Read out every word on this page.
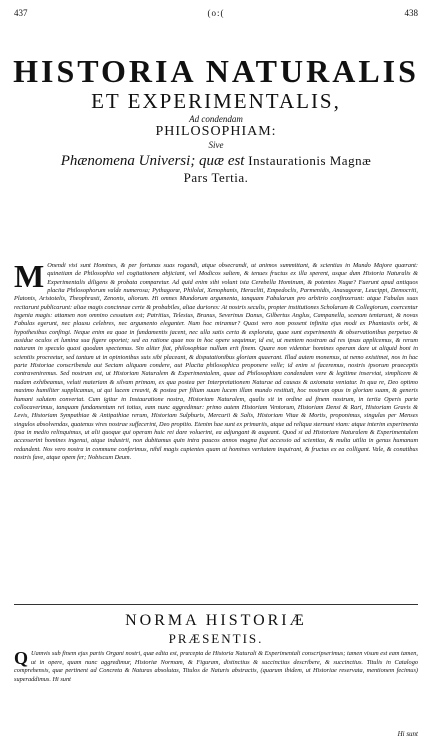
437	(o:(	438
HISTORIA NATURALIS
ET EXPERIMENTALIS,
Ad condendam
PHILOSOPHIAM:
Sive
Phænomena Universi; quæ est Instaurationis Magnæ
Pars Tertia.
M Onendi visi sunt Homines, & per fortunas suas rogandi, atque obsecrandi, ut animos summittant, & scientias in Mundo Majore quærant: quinetiam de Philosophia vel cogitationem abjiciant, vel Modicos saltem, & tenues fructus ex illa sperent, usque dum Historia Naturalis & Experimentalis diligens & probata comparetur. Ad quid enim sibi volunt ista Cerebella Hominum, & potentes Nugæ? Fuerunt apud antiquos placita Philosophorum valde numerosa; Pythagoræ, Philolai, Xenophanis, Heracliti, Empedoclis, Parmenidis, Anaxagoræ, Leucippi, Democriti, Platonis, Aristotelis, Theophrasti, Zenonis, aliorum. Hi omnes Mundorum argumenta, tanquam Fabularum pro arbitrio confinxerunt: atque Fabulas suas recitarunt publicarunt: aliae magis concinnae certe & probabiles, aliae duriores: At nostris seculis, propter institutiones Scholarum & Collegiorum, coercentur ingenia magis: attamen non omnino cessatum est; Patritius, Telesius, Brunus, Severinus Danus, Gilbertus Anglus, Campanella, scenam tentarunt, & novas Fabulas egerunt, nec plausu celebres, nec argumento eleganter. Num hoc miramur? Quasi vero non possent infinita ejus modi ex Phantasiis orbi, & hypothesibus confingi. Neque enim ea quae in fundamentis jacent, nec ulla satis certa & explorata, quae sunt experimentis & observationibus perpetuo & assidue oculos et lumina sua figere oportet; sed ea ratione quae nos in hoc opere sequimur, id est, ut mentem nostram ad res ipsas applicemus, & rerum naturam in speculo quasi quodam spectemus. Sin aliter fiat, philosophiae nullum erit finem. Quare non videntur homines operam dare ut aliquid boni in scientiis procreetur, sed tantum ut in opinionibus suis sibi placeant, & disputationibus gloriam quaerant. Illud autem monemus, ut nemo existimet, nos in hac parte Historiae conscribenda aut Sectam aliquam condere, aut Placita philosophica proponere velle; id enim si faceremus, nostris ipsorum praeceptis contraveniremus. Sed nostrum est, ut Historiam Naturalem & Experimentalem, quae ad Philosophiam condendam vere & legitime inserviat, simplicem & nudam exhibeamus, veluti materiam & silvam primam, ex qua postea per Interpretationem Naturae ad causas & axiomata veniatur. In qua re, Deo optimo maximo humiliter supplicamus, ut qui lucem creavit, & postea per filium suum lucem illam mundo restituit, hoc nostrum opus in gloriam suam, & generis humani salutem convertat. Cum igitur in Instauratione nostra, Historiam Naturalem, qualis sit in ordine ad finem nostrum, in tertia Operis parte collocaverimus, tanquam fundamentum rei totius, eam nunc aggredimur: primo autem Historiam Ventorum, Historiam Densi & Rari, Historiam Gravis & Levis, Historiam Sympathiae & Antipathiae rerum, Historiam Sulphuris, Mercurii & Salis, Historiam Vitae & Mortis, proponimus, singulas per Menses singulos absolvendas, quatenus vires nostrae suffecerint, Deo propitio. Etenim hae sunt ex primariis, atque ad reliqua sternunt viam: atque interim experimenta ipsa in medio relinquimus, ut alii quoque qui operam huic rei dare voluerint, ea adjungant & augeant. Quod si ad Historiam Naturalem & Experimentalem accesserint homines ingenui, atque industrii, non dubitamus quin intra paucos annos magna fiat accessio ad scientias, & multa utilia in genus humanum redundent. Nos vero nostra in commune conferimus, nihil magis cupientes quam ut homines veritatem inquirant, & fructus ex ea colligant. Vale, & conatibus nostris fave, atque opem fer; Nobiscum Deum.
NORMA HISTORIÆ
PRÆSENTIS.
Q Uamvis sub finem ejus partis Organi nostri, quæ edita est, præcepta de Historia Naturali & Experimentali conscripserimus; tamen visum est eam tamen, ut in opere, quam nunc aggredimur, Historiæ Normam, & Figuram, distinctius & succinctius describere, & succinctius. Titulis in Catalogo comprehensis, quæ pertinent ad Concreta & Naturas absolutas, Titulos de Naturis abstractis, (quarum ibidem, ut Historiae reservata, mentionem fecimus) superaddimus. Hi sunt
Hi sunt
